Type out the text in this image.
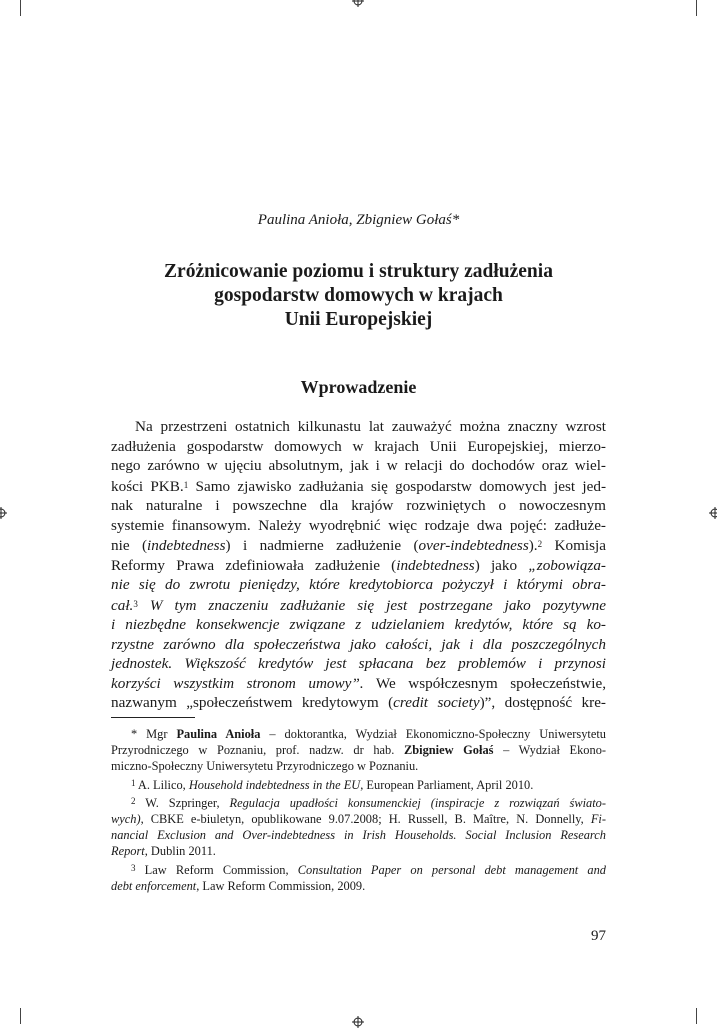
Paulina Anioła, Zbigniew Gołaś*
Zróżnicowanie poziomu i struktury zadłużenia
gospodarstw domowych w krajach
Unii Europejskiej
Wprowadzenie
Na przestrzeni ostatnich kilkunastu lat zauważyć można znaczny wzrost
zadłużenia gospodarstw domowych w krajach Unii Europejskiej, mierzo-
nego zarówno w ujęciu absolutnym, jak i w relacji do dochodów oraz wiel-
kości PKB.$^1$ Samo zjawisko zadłużania się gospodarstw domowych jest jed-
nak naturalne i powszechne dla krajów rozwiniętych o nowoczesnym
systemie finansowym. Należy wyodrębnić więc rodzaje dwa pojęć: zadłuże-
nie (indebtedness) i nadmierne zadłużenie (over-indebtedness).$^2$ Komisja
Reformy Prawa zdefiniowała zadłużenie (indebtedness) jako „zobowiąza-
nie się do zwrotu pieniędzy, które kredytobiorca pożyczył i którymi obra-
cał.$^3$ W tym znaczeniu zadłużanie się jest postrzegane jako pozytywne
i niezbędne konsekwencje związane z udzielaniem kredytów, które są ko-
rzystne zarówno dla społeczeństwa jako całości, jak i dla poszczególnych
jednostek. Większość kredytów jest spłacana bez problemów i przynosi
korzyści wszystkim stronom umowy”. We współczesnym społeczeństwie,
nazwanym „społeczeństwem kredytowym (credit society)”, dostępność kre-
* Mgr Paulina Anioła – doktorantka, Wydział Ekonomiczno-Społeczny Uniwersytetu
Przyrodniczego w Poznaniu, prof. nadzw. dr hab. Zbigniew Gołaś – Wydział Ekono-
miczno-Społeczny Uniwersytetu Przyrodniczego w Poznaniu.
$^1$ A. Lilico, Household indebtedness in the EU, European Parliament, April 2010.
$^2$ W. Szpringer, Regulacja upadłości konsumenckiej (inspiracje z rozwiązań świato-
wych), CBKE e-biuletyn, opublikowane 9.07.2008; H. Russell, B. Maître, N. Donnelly, Fi-
nancial Exclusion and Over-indebtedness in Irish Households. Social Inclusion Research
Report, Dublin 2011.
$^3$ Law Reform Commission, Consultation Paper on personal debt management and
debt enforcement, Law Reform Commission, 2009.
97
